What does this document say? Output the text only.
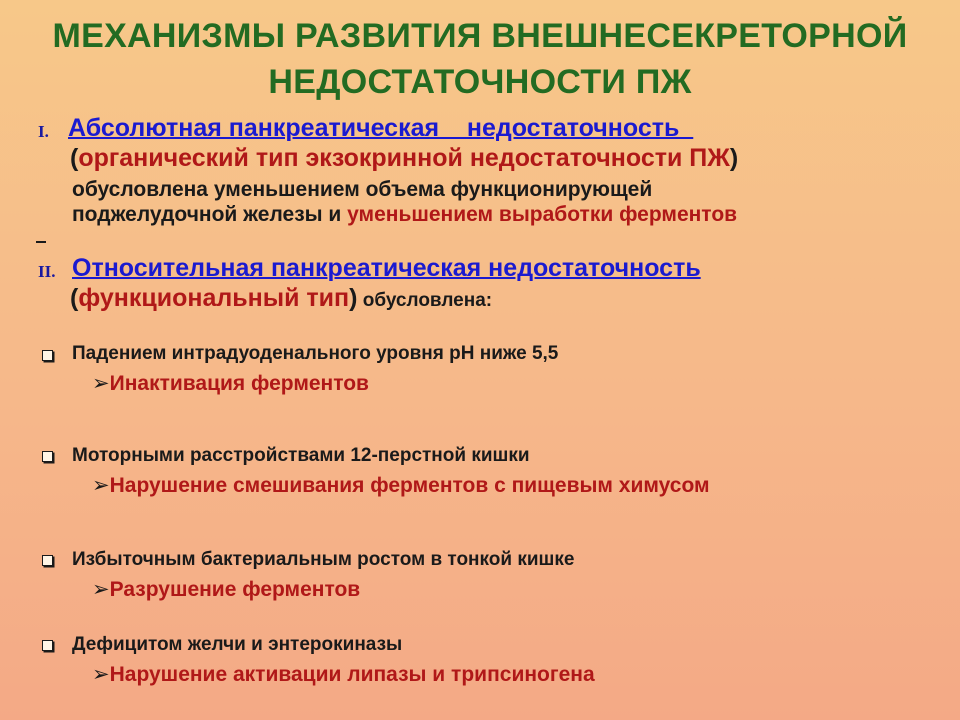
МЕХАНИЗМЫ РАЗВИТИЯ ВНЕШНЕСЕКРЕТОРНОЙ
НЕДОСТАТОЧНОСТИ ПЖ
I. Абсолютная панкреатическая    недостаточность
(органический тип экзокринной недостаточности ПЖ)
обусловлена уменьшением объема функционирующей
поджелудочной железы и уменьшением выработки ферментов
II. Относительная панкреатическая недостаточность
(функциональный тип) обусловлена:
Падением интрадуоденального уровня рН ниже 5,5
➢Инактивация ферментов
Моторными расстройствами 12-перстной кишки
➢Нарушение смешивания ферментов с пищевым химусом
Избыточным бактериальным ростом в тонкой кишке
➢Разрушение ферментов
Дефицитом желчи и энтерокиназы
➢Нарушение активации липазы и трипсиногена
